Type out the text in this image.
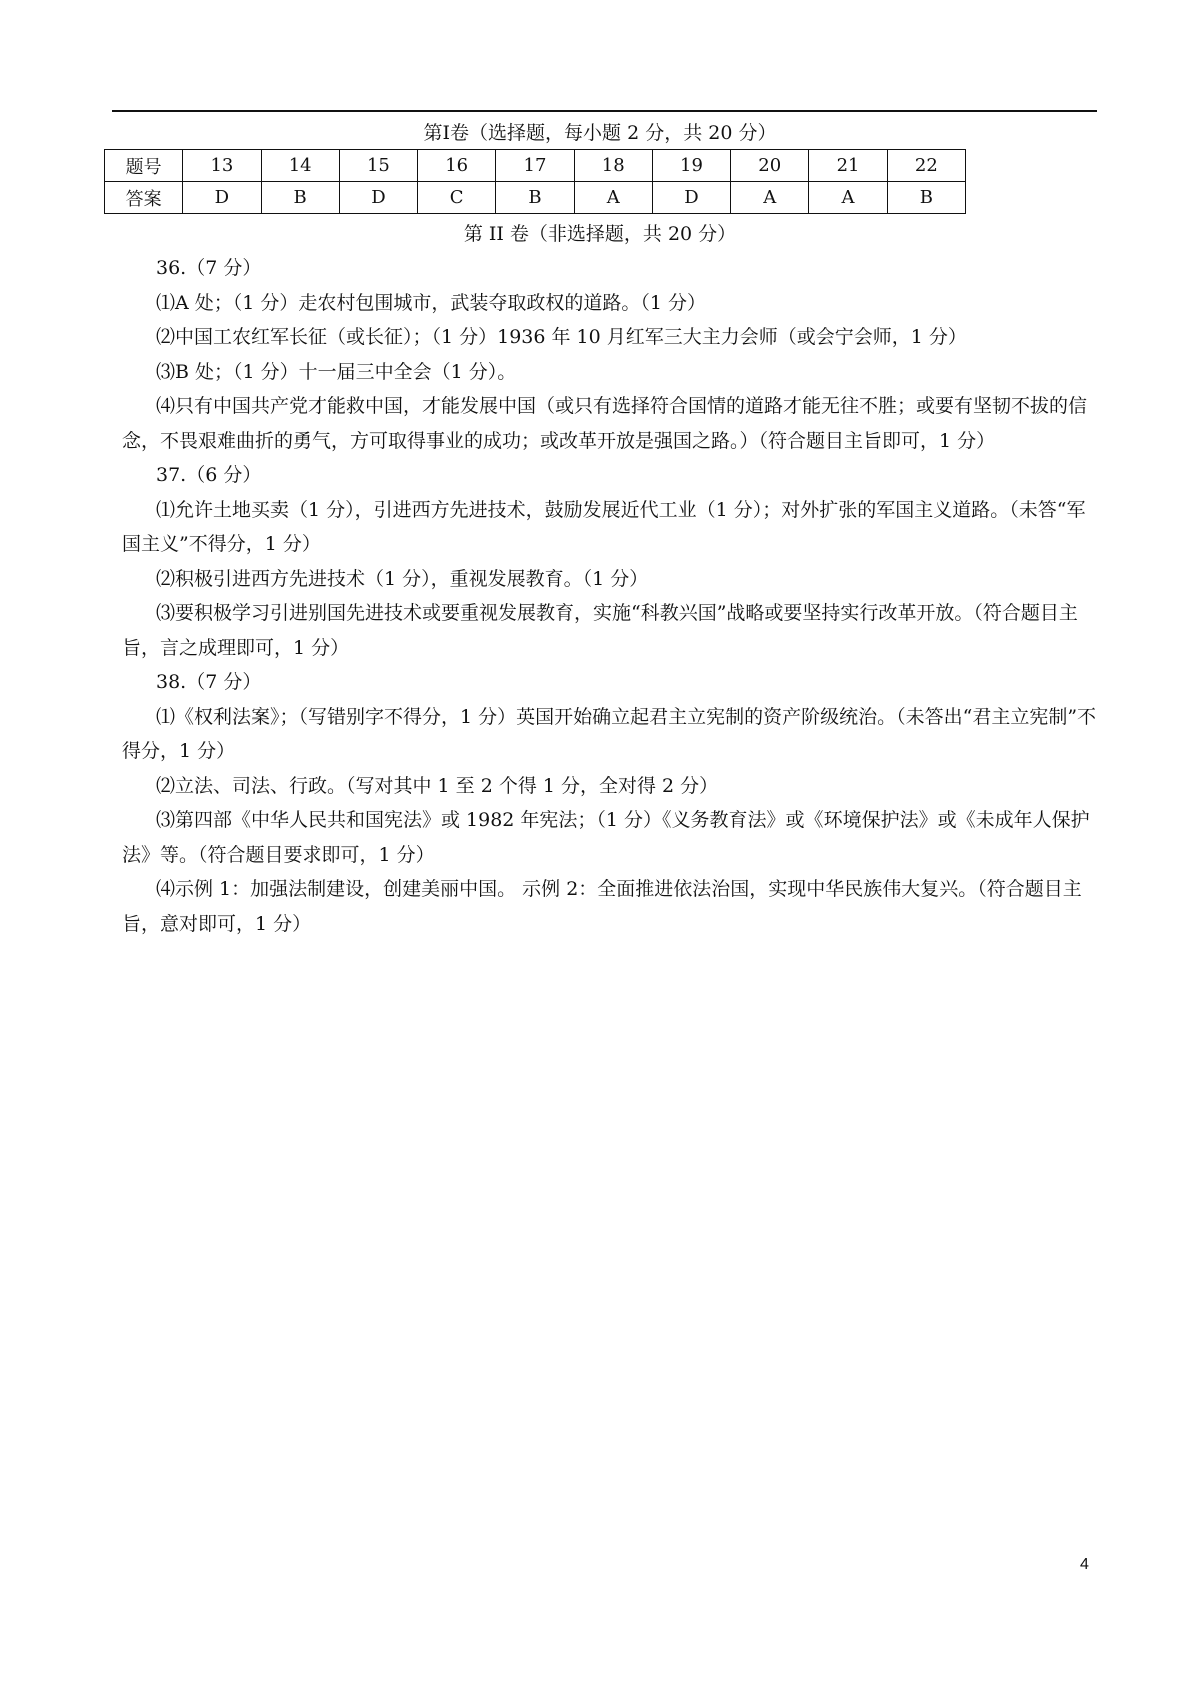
第Ⅰ卷（选择题，每小题 2 分，共 20 分）
题号	13	14	15	16	17	18	19	20	21	22
答案	D	B	D	C	B	A	D	A	A	B
第 II 卷（非选择题，共 20 分）

36.（7 分）

⑴A 处；（1 分）走农村包围城市，武装夺取政权的道路。（1 分）

⑵中国工农红军长征（或长征）；（1 分）1936 年 10 月红军三大主力会师（或会宁会师，1 分）

⑶B 处；（1 分）十一届三中全会（1 分）。

⑷只有中国共产党才能救中国，才能发展中国（或只有选择符合国情的道路才能无往不胜；或要有坚韧不拔的信念，不畏艰难曲折的勇气，方可取得事业的成功；或改革开放是强国之路。）（符合题目主旨即可，1 分）

37.（6 分）

⑴允许土地买卖（1 分），引进西方先进技术，鼓励发展近代工业（1 分）；对外扩张的军国主义道路。（未答“军国主义”不得分，1 分）

⑵积极引进西方先进技术（1 分），重视发展教育。（1 分）

⑶要积极学习引进别国先进技术或要重视发展教育，实施“科教兴国”战略或要坚持实行改革开放。（符合题目主旨，言之成理即可，1 分）

38.（7 分）

⑴《权利法案》；（写错别字不得分，1 分）英国开始确立起君主立宪制的资产阶级统治。（未答出“君主立宪制”不得分，1 分）

⑵立法、司法、行政。（写对其中 1 至 2 个得 1 分，全对得 2 分）

⑶第四部《中华人民共和国宪法》或 1982 年宪法；（1 分）《义务教育法》或《环境保护法》或《未成年人保护法》等。（符合题目要求即可，1 分）

⑷示例 1：加强法制建设，创建美丽中国。 示例 2：全面推进依法治国，实现中华民族伟大复兴。（符合题目主旨，意对即可，1 分）

4
